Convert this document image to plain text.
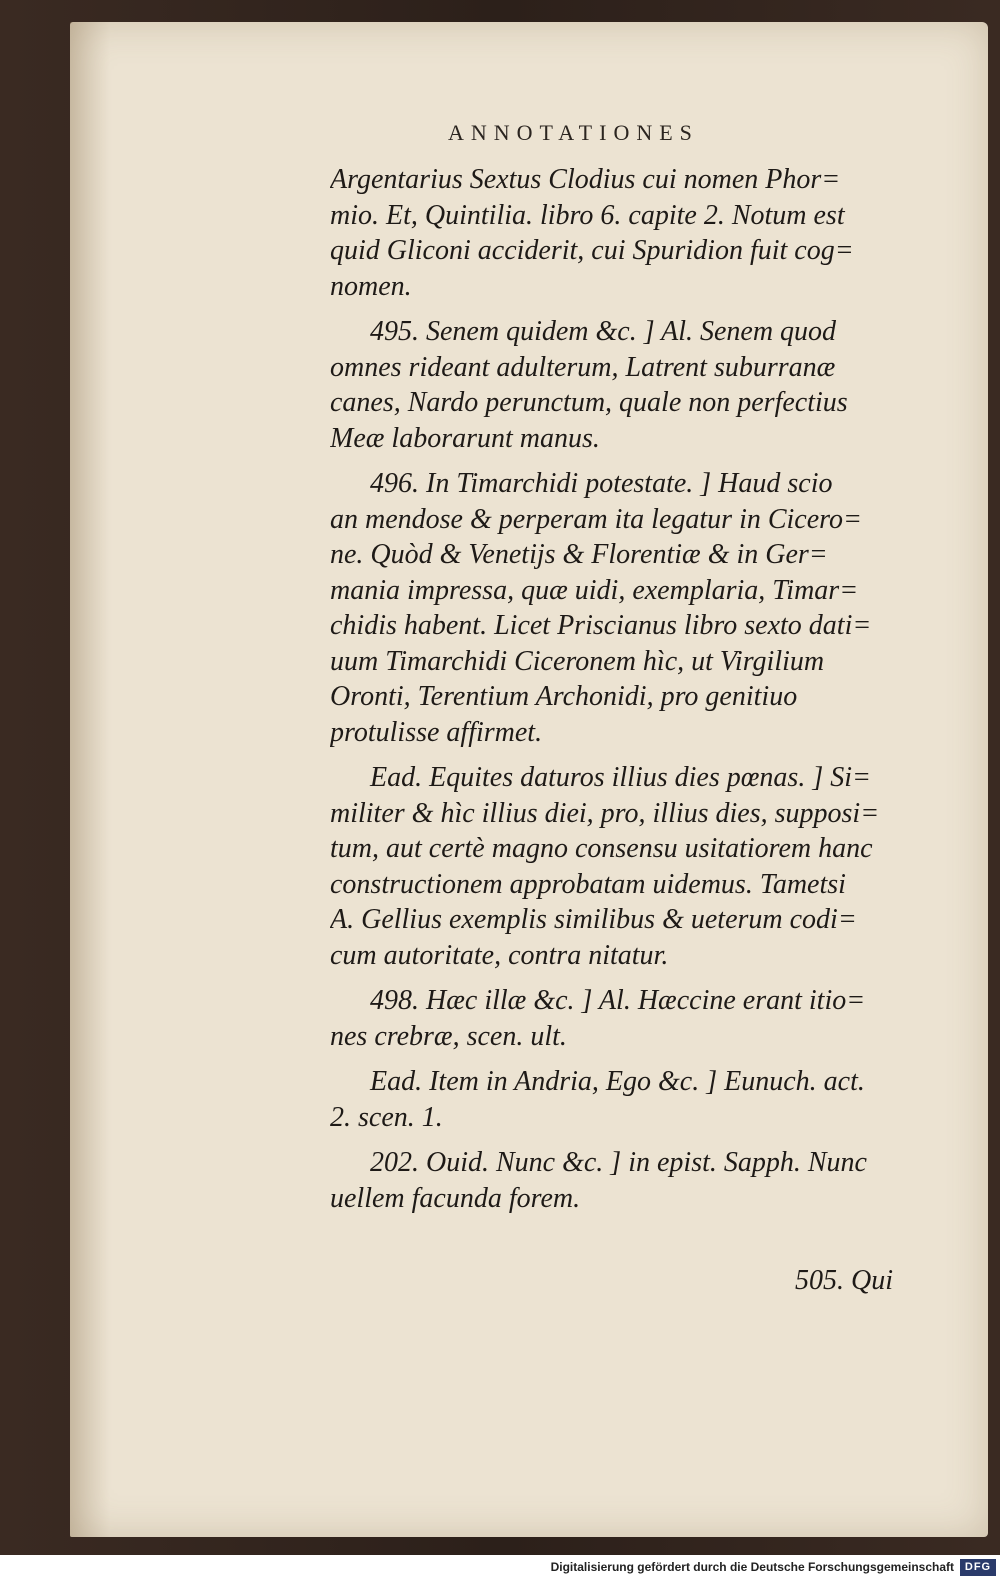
ANNOTATIONES
Argentarius Sextus Clodius cui nomen Phor=
mio. Et, Quintilia. libro 6. capite 2. Notum est
quid Gliconi acciderit, cui Spuridion fuit cog=
nomen.
495. Senem quidem &c. ] Al. Senem quod
omnes rideant adulterum, Latrent suburranæ
canes, Nardo perunctum, quale non perfectius
Meæ laborarunt manus.
496. In Timarchidi potestate. ] Haud scio
an mendose & perperam ita legatur in Cicero=
ne. Quòd & Venetijs & Florentiæ & in Ger=
mania impressa, quæ uidi, exemplaria, Timar=
chidis habent. Licet Priscianus libro sexto dati=
uum Timarchidi Ciceronem hìc, ut Virgilium
Oronti, Terentium Archonidi, pro genitiuo
protulisse affirmet.
Ead. Equites daturos illius dies pœnas. ] Si=
militer & hìc illius diei, pro, illius dies, supposi=
tum, aut certè magno consensu usitatiorem hanc
constructionem approbatam uidemus. Tametsi
A. Gellius exemplis similibus & ueterum codi=
cum autoritate, contra nitatur.
498. Hæc illæ &c. ] Al. Hæccine erant itio=
nes crebræ, scen. ult.
Ead. Item in Andria, Ego &c. ] Eunuch. act.
2. scen. 1.
202. Ouid. Nunc &c. ] in epist. Sapph. Nunc
uellem facunda forem.
505. Qui
Digitalisierung gefördert durch die Deutsche Forschungsgemeinschaft DFG
